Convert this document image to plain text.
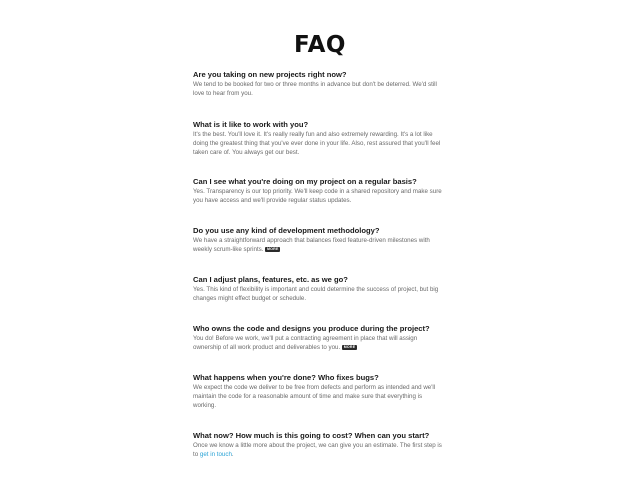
FAQ

Are you taking on new projects right now?

We tend to be booked for two or three months in advance but don't be deterred. We'd still love to hear from you.

What is it like to work with you?

It's the best. You'll love it. It's really really fun and also extremely rewarding. It's a lot like doing the greatest thing that you've ever done in your life. Also, rest assured that you'll feel taken care of. You always get our best.

Can I see what you're doing on my project on a regular basis?

Yes. Transparency is our top priority. We'll keep code in a shared repository and make sure you have access and we'll provide regular status updates.

Do you use any kind of development methodology?

We have a straightforward approach that balances fixed feature-driven milestones with weekly scrum-like sprints. MORE

Can I adjust plans, features, etc. as we go?

Yes. This kind of flexibility is important and could determine the success of project, but big changes might effect budget or schedule.

Who owns the code and designs you produce during the project?

You do! Before we work, we'll put a contracting agreement in place that will assign ownership of all work product and deliverables to you. MORE

What happens when you're done? Who fixes bugs?

We expect the code we deliver to be free from defects and perform as intended and we'll maintain the code for a reasonable amount of time and make sure that everything is working.

What now? How much is this going to cost? When can you start?

Once we know a little more about the project, we can give you an estimate. The first step is to get in touch.
